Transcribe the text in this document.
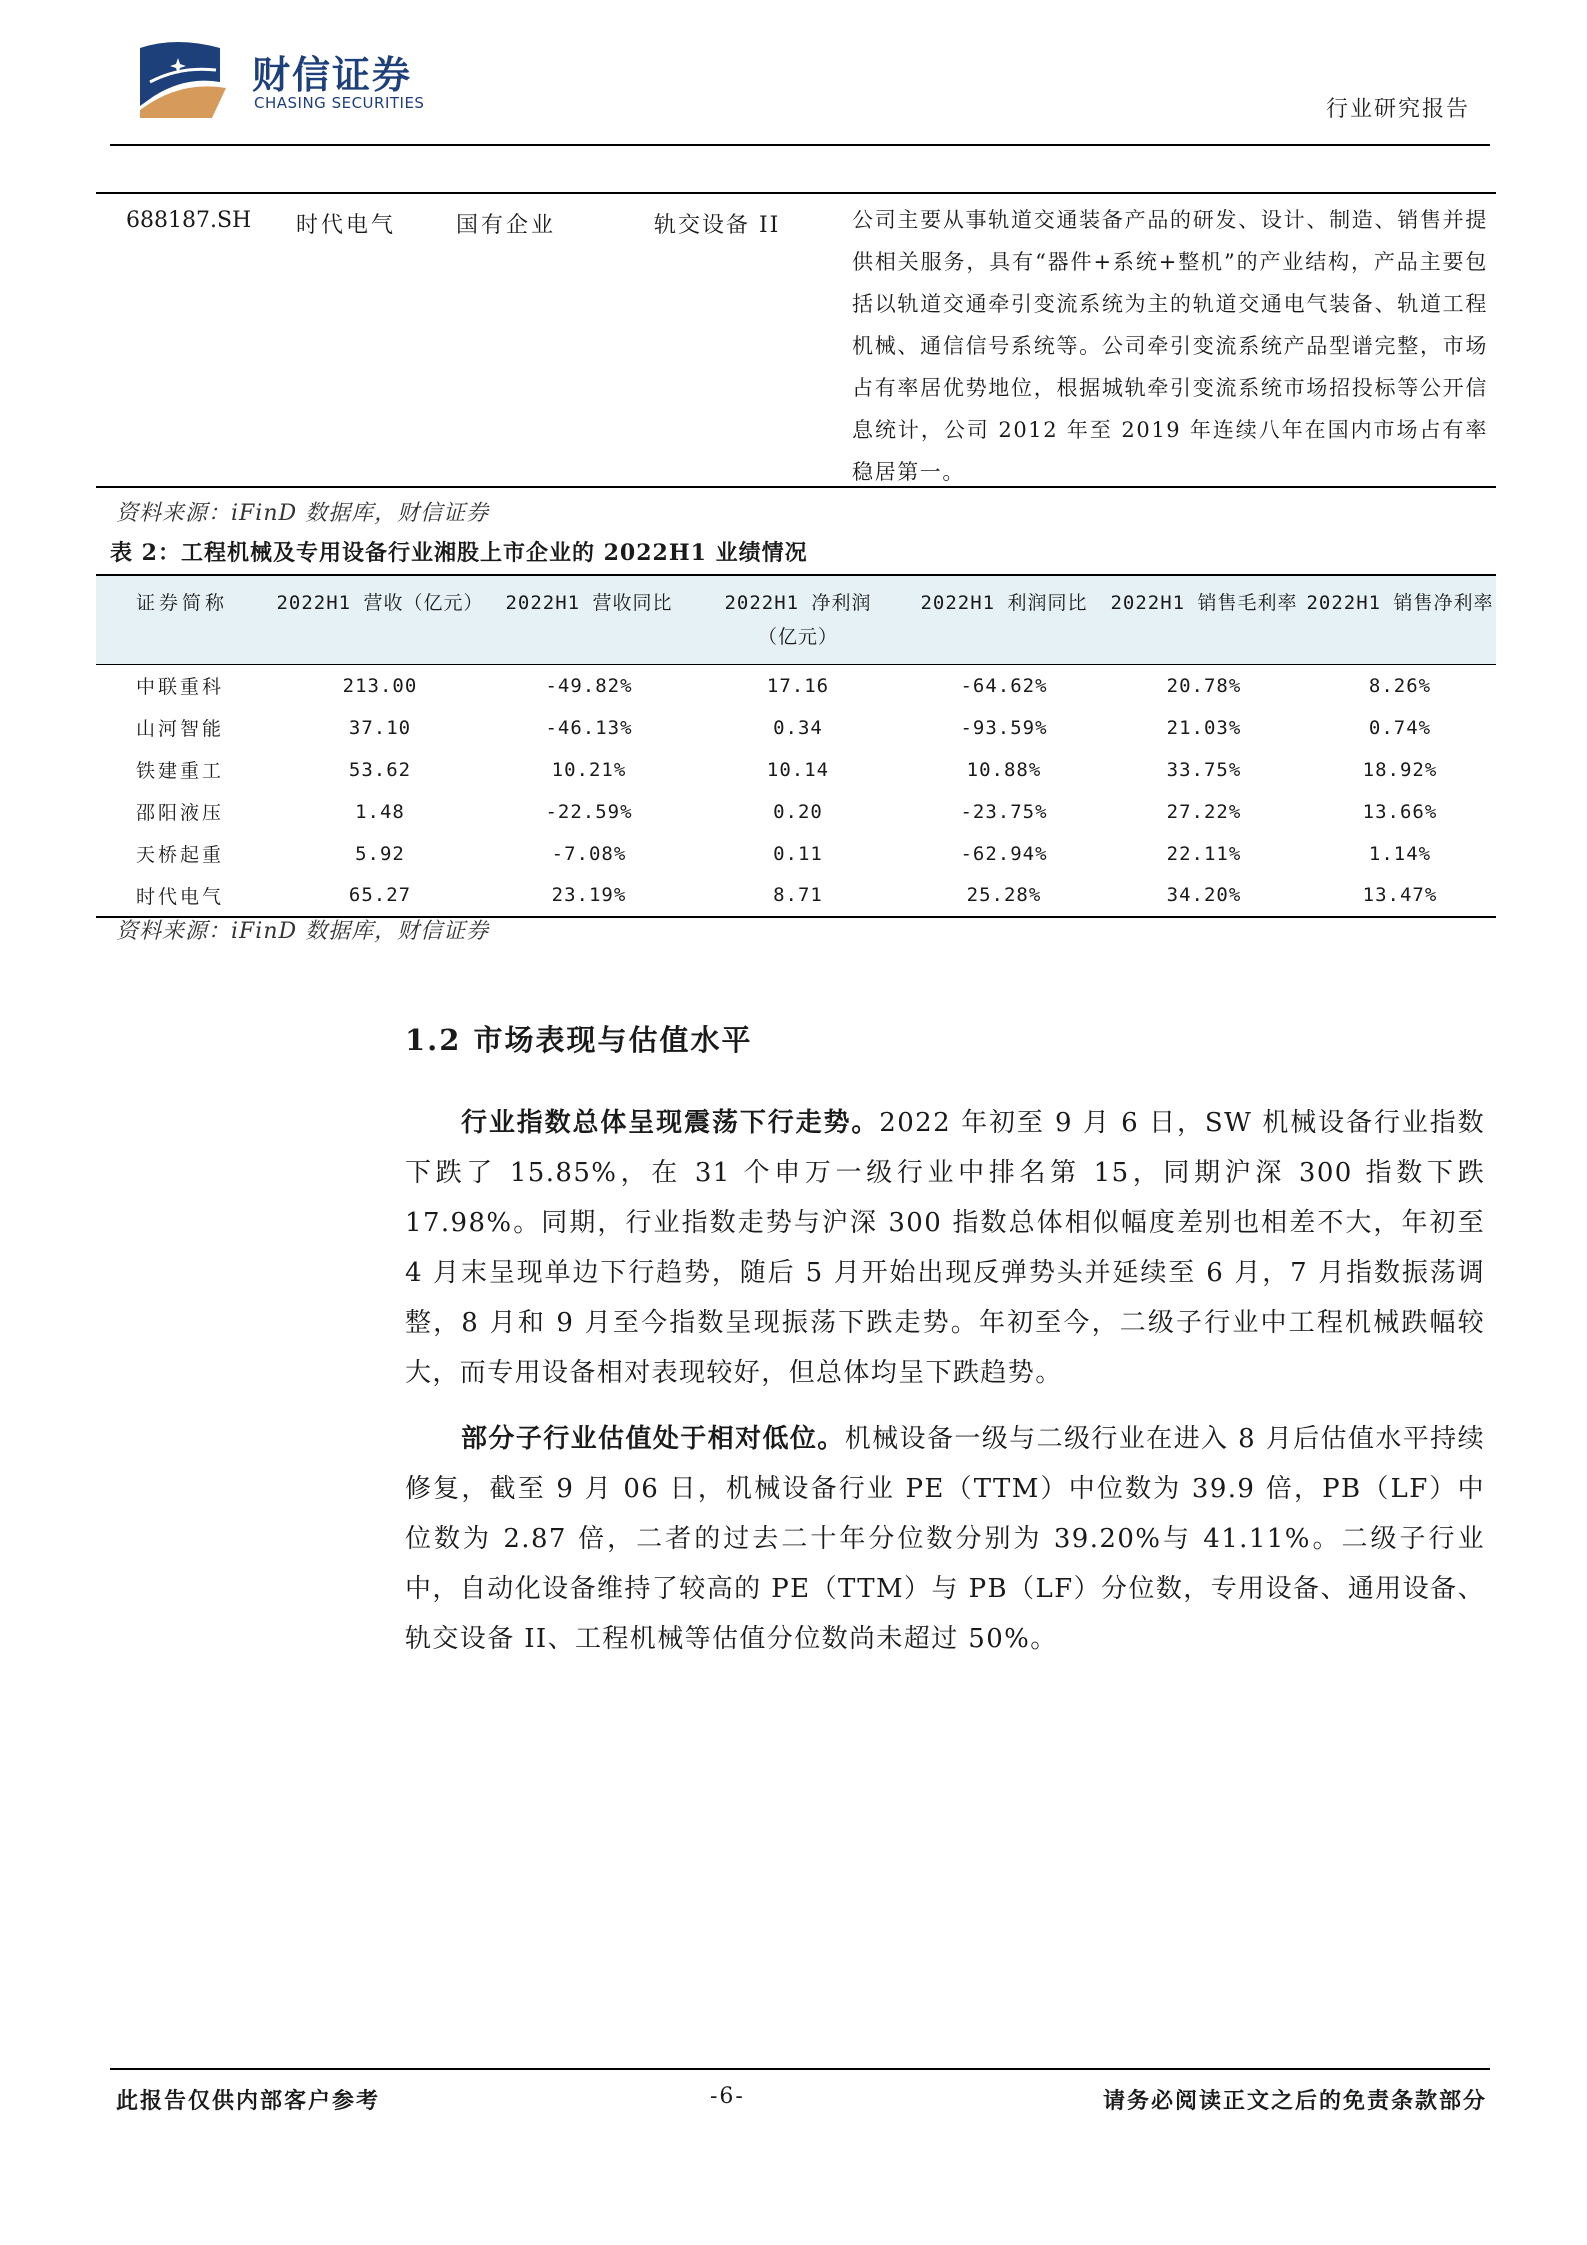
财信证券
CHASING SECURITIES	行业研究报告
688187.SH 时代电气	国有企业	轨交设备 II	公司主要从事轨道交通装备产品的研发、设计、制造、销售并提供相关服务，具有“器件+系统+整机”的产业结构，产品主要包括以轨道交通牵引变流系统为主的轨道交通电气装备、轨道工程机械、通信信号系统等。公司牵引变流系统产品型谱完整，市场占有率居优势地位，根据城轨牵引变流系统市场招投标等公开信息统计，公司 2012 年至 2019 年连续八年在国内市场占有率稳居第一。
资料来源：iFinD 数据库，财信证券
表 2：工程机械及专用设备行业湘股上市企业的 2022H1 业绩情况
证券简称	2022H1 营收（亿元）	2022H1 营收同比	2022H1 净利润（亿元）	2022H1 利润同比	2022H1 销售毛利率	2022H1 销售净利率
中联重科	213.00	-49.82%	17.16	-64.62%	20.78%	8.26%
山河智能	37.10	-46.13%	0.34	-93.59%	21.03%	0.74%
铁建重工	53.62	10.21%	10.14	10.88%	33.75%	18.92%
邵阳液压	1.48	-22.59%	0.20	-23.75%	27.22%	13.66%
天桥起重	5.92	-7.08%	0.11	-62.94%	22.11%	1.14%
时代电气	65.27	23.19%	8.71	25.28%	34.20%	13.47%
资料来源：iFinD 数据库，财信证券
1.2 市场表现与估值水平
行业指数总体呈现震荡下行走势。2022 年初至 9 月 6 日，SW 机械设备行业指数下跌了 15.85%，在 31 个申万一级行业中排名第 15，同期沪深 300 指数下跌 17.98%。同期，行业指数走势与沪深 300 指数总体相似幅度差别也相差不大，年初至 4 月末呈现单边下行趋势，随后 5 月开始出现反弹势头并延续至 6 月，7 月指数振荡调整，8 月和 9 月至今指数呈现振荡下跌走势。年初至今，二级子行业中工程机械跌幅较大，而专用设备相对表现较好，但总体均呈下跌趋势。
部分子行业估值处于相对低位。机械设备一级与二级行业在进入 8 月后估值水平持续修复，截至 9 月 06 日，机械设备行业 PE（TTM）中位数为 39.9 倍，PB（LF）中位数为 2.87 倍，二者的过去二十年分位数分别为 39.20%与 41.11%。二级子行业中，自动化设备维持了较高的 PE（TTM）与 PB（LF）分位数，专用设备、通用设备、轨交设备 II、工程机械等估值分位数尚未超过 50%。
此报告仅供内部客户参考	-6-	请务必阅读正文之后的免责条款部分
